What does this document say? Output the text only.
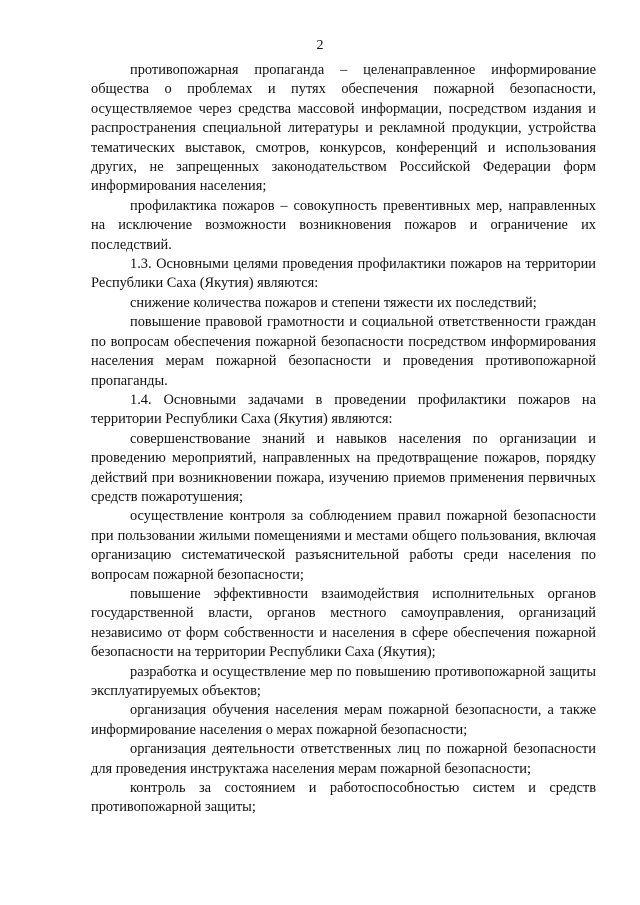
2

противопожарная пропаганда – целенаправленное информирование общества о проблемах и путях обеспечения пожарной безопасности, осуществляемое через средства массовой информации, посредством издания и распространения специальной литературы и рекламной продукции, устройства тематических выставок, смотров, конкурсов, конференций и использования других, не запрещенных законодательством Российской Федерации форм информирования населения;

профилактика пожаров – совокупность превентивных мер, направленных на исключение возможности возникновения пожаров и ограничение их последствий.

1.3. Основными целями проведения профилактики пожаров на территории Республики Саха (Якутия) являются:

снижение количества пожаров и степени тяжести их последствий;

повышение правовой грамотности и социальной ответственности граждан по вопросам обеспечения пожарной безопасности посредством информирования населения мерам пожарной безопасности и проведения противопожарной пропаганды.

1.4. Основными задачами в проведении профилактики пожаров на территории Республики Саха (Якутия) являются:

совершенствование знаний и навыков населения по организации и проведению мероприятий, направленных на предотвращение пожаров, порядку действий при возникновении пожара, изучению приемов применения первичных средств пожаротушения;

осуществление контроля за соблюдением правил пожарной безопасности при пользовании жилыми помещениями и местами общего пользования, включая организацию систематической разъяснительной работы среди населения по вопросам пожарной безопасности;

повышение эффективности взаимодействия исполнительных органов государственной власти, органов местного самоуправления, организаций независимо от форм собственности и населения в сфере обеспечения пожарной безопасности на территории Республики Саха (Якутия);

разработка и осуществление мер по повышению противопожарной защиты эксплуатируемых объектов;

организация обучения населения мерам пожарной безопасности, а также информирование населения о мерах пожарной безопасности;

организация деятельности ответственных лиц по пожарной безопасности для проведения инструктажа населения мерам пожарной безопасности;

контроль за состоянием и работоспособностью систем и средств противопожарной защиты;
